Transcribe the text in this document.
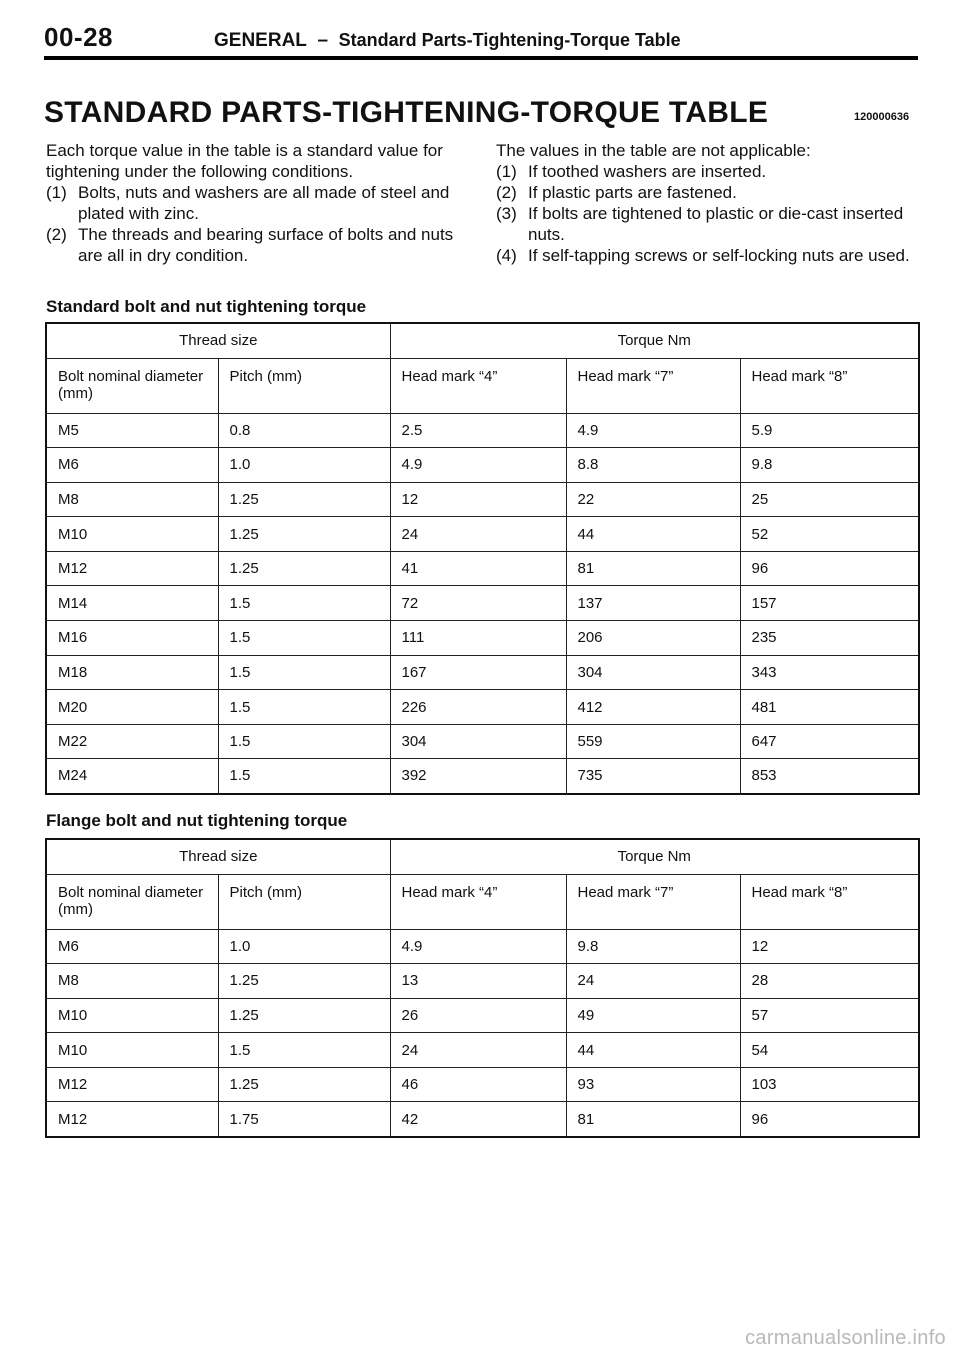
00-28	GENERAL – Standard Parts-Tightening-Torque Table
STANDARD PARTS-TIGHTENING-TORQUE TABLE	120000636

Each torque value in the table is a standard value for tightening under the following conditions.

(1) Bolts, nuts and washers are all made of steel and plated with zinc.
(2) The threads and bearing surface of bolts and nuts are all in dry condition.

The values in the table are not applicable:

(1) If toothed washers are inserted.
(2) If plastic parts are fastened.
(3) If bolts are tightened to plastic or die-cast inserted nuts.
(4) If self-tapping screws or self-locking nuts are used.
Standard bolt and nut tightening torque
Thread size		Torque Nm		
Bolt nominal diameter (mm)	Pitch (mm)	Head mark “4”	Head mark “7”	Head mark “8”
M5	0.8	2.5	4.9	5.9
M6	1.0	4.9	8.8	9.8
M8	1.25	12	22	25
M10	1.25	24	44	52
M12	1.25	41	81	96
M14	1.5	72	137	157
M16	1.5	111	206	235
M18	1.5	167	304	343
M20	1.5	226	412	481
M22	1.5	304	559	647
M24	1.5	392	735	853
Flange bolt and nut tightening torque
Thread size		Torque Nm		
Bolt nominal diameter (mm)	Pitch (mm)	Head mark “4”	Head mark “7”	Head mark “8”
M6	1.0	4.9	9.8	12
M8	1.25	13	24	28
M10	1.25	26	49	57
M10	1.5	24	44	54
M12	1.25	46	93	103
M12	1.75	42	81	96
carmanualsonline.info
